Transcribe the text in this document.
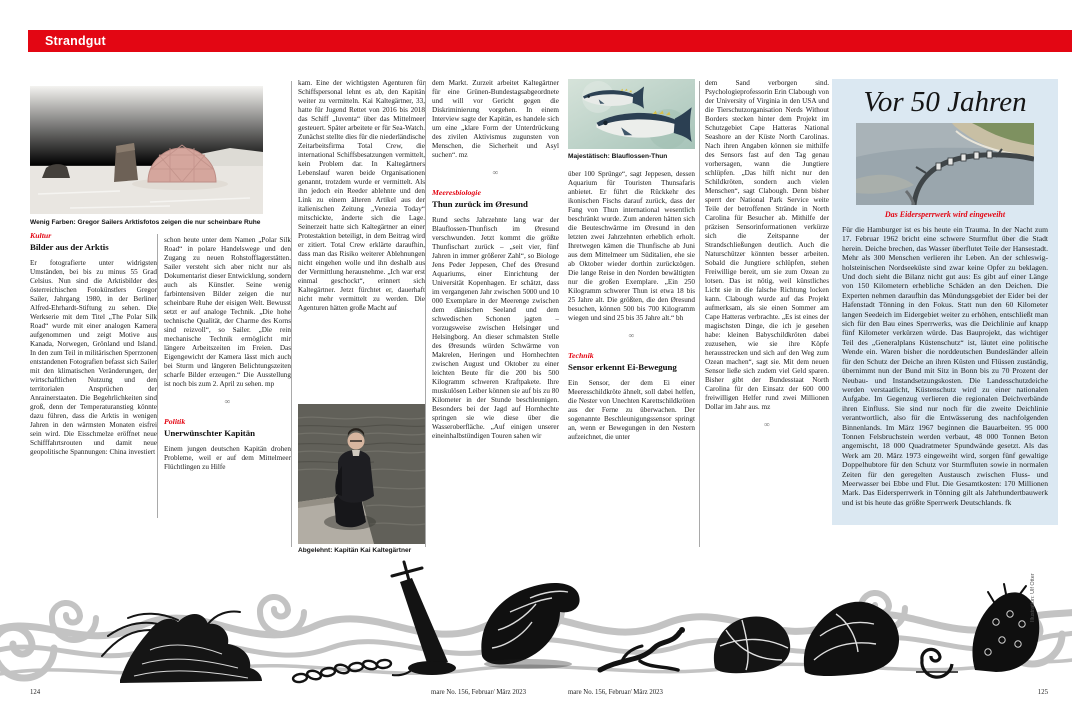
Strandgut
Wenig Farben: Gregor Sailers Arktisfotos zeigen die nur scheinbare Ruhe
Kultur
Bilder aus der Arktis

Er fotografierte unter widrigsten Umständen, bei bis zu minus 55 Grad Celsius. Nun sind die Arktisbilder des österreichischen Fotokünstlers Gregor Sailer, Jahrgang 1980, in der Berliner Alfred-Ehrhardt-Stiftung zu sehen. Die Werkserie mit dem Titel „The Polar Silk Road“ wurde mit einer analogen Kamera aufgenommen und zeigt Motive aus Kanada, Norwegen, Grönland und Island. In den zum Teil in militärischen Sperrzonen entstandenen Fotografien befasst sich Sailer mit den klimatischen Veränderungen, der wirtschaftlichen Nutzung und den territorialen Ansprüchen der Anrainerstaaten. Die Begehrlichkeiten sind groß, denn der Temperaturanstieg könnte dazu führen, dass die Arktis in wenigen Jahren in den wärmsten Monaten eisfrei sein wird. Die Eisschmelze eröffnet neue Schifffahrtsrouten und damit neue geopolitische Spannungen: China investiert

schon heute unter dem Namen „Polar Silk Road“ in polare Handelswege und den Zugang zu neuen Rohstofflagerstätten. Sailer versteht sich aber nicht nur als Dokumentarist dieser Entwicklung, sondern auch als Künstler. Seine wenig farbintensiven Bilder zeigen die nur scheinbare Ruhe der eisigen Welt. Bewusst setzt er auf analoge Technik. „Die hohe technische Qualität, der Charme des Korns sind reizvoll“, so Sailer. „Die rein mechanische Technik ermöglicht mir längere Arbeitszeiten im Freien. Das Eigengewicht der Kamera lässt mich auch bei Sturm und längeren Belichtungszeiten scharfe Bilder erzeugen.“ Die Ausstellung ist noch bis zum 2. April zu sehen. mp

∞
Politik
Unerwünschter Kapitän

Einem jungen deutschen Kapitän drohen Probleme, weil er auf dem Mittelmeer Flüchtlingen zu Hilfe

kam. Eine der wichtigsten Agenturen für Schiffspersonal lehnt es ab, den Kapitän weiter zu vermitteln. Kai Kaltegärtner, 33, hatte für Jugend Rettet von 2016 bis 2018 das Schiff „Iuventa“ über das Mittelmeer gesteuert. Später arbeitete er für Sea-Watch. Zunächst stellte dies für die niederländische Zeitarbeitsfirma Total Crew, die international Schiffsbesatzungen vermittelt, kein Problem dar. In Kaltegärtners Lebenslauf waren beide Organisationen genannt, trotzdem wurde er vermittelt. Als ihn jedoch ein Reeder ablehnte und den Link zu einem älteren Artikel aus der italienischen Zeitung „Venezia Today“ mitschickte, änderte sich die Lage. Seinerzeit hatte sich Kaltegärtner an einer Protestaktion beteiligt, in dem Beitrag wird er zitiert. Total Crew erklärte daraufhin, dass man das Risiko weiterer Ablehnungen nicht eingehen wolle und ihn deshalb aus der Vermittlung herausnehme. „Ich war erst einmal geschockt“, erinnert sich Kaltegärtner. Jetzt fürchtet er, dauerhaft nicht mehr vermittelt zu werden. Die Agenturen hätten große Macht auf

Abgelehnt: Kapitän Kai Kaltegärtner

dem Markt. Zurzeit arbeitet Kaltegärtner für eine Grünen-Bundestagsabgeordnete und will vor Gericht gegen die Diskriminierung vorgehen. In einem Interview sagte der Kapitän, es handele sich um eine „klare Form der Unterdrückung des zivilen Aktivismus zugunsten von Menschen, die Sicherheit und Asyl suchen“. mz

∞
Meeresbiologie
Thun zurück im Øresund

Rund sechs Jahrzehnte lang war der Blauflossen-Thunfisch im Øresund verschwunden. Jetzt kommt die größte Thunfischart zurück – „seit vier, fünf Jahren in immer größerer Zahl“, so Biologe Jens Peder Jeppesen, Chef des Øresund Aquariums, einer Einrichtung der Universität Kopenhagen. Er schätzt, dass im vergangenen Jahr zwischen 5000 und 10 000 Exemplare in der Meerenge zwischen dem dänischen Seeland und dem schwedischen Schonen jagten – vorzugsweise zwischen Helsingør und Helsingborg. An dieser schmalsten Stelle des Øresunds würden Schwärme von Makrelen, Heringen und Hornhechten zwischen August und Oktober zu einer leichten Beute für die 200 bis 500 Kilogramm schweren Kraftpakete. Ihre muskulösen Leiber können sie auf bis zu 80 Kilometer in der Stunde beschleunigen. Besonders bei der Jagd auf Hornhechte springen sie wie diese über die Wasseroberfläche. „Auf einigen unserer eineinhalbstündigen Touren sahen wir

Majestätisch: Blauflossen-Thun

über 100 Sprünge“, sagt Jeppesen, dessen Aquarium für Touristen Thunsafaris anbietet. Er führt die Rückkehr des ikonischen Fischs darauf zurück, dass der Fang von Thun international wesentlich beschränkt wurde. Zum anderen hätten sich die Beuteschwärme im Øresund in den letzten zwei Jahrzehnten erheblich erholt. Ihretwegen kämen die Thunfische ab Juni aus dem Mittelmeer um Süditalien, ehe sie ab Oktober wieder dorthin zurückzögen. Die lange Reise in den Norden bewältigten nur die großen Exemplare. „Ein 250 Kilogramm schwerer Thun ist etwa 18 bis 25 Jahre alt. Die größten, die den Øresund besuchen, können 500 bis 700 Kilogramm wiegen und sind 25 bis 35 Jahre alt.“ bh

∞
Technik
Sensor erkennt Ei-Bewegung

Ein Sensor, der dem Ei einer Meeresschildkröte ähnelt, soll dabei helfen, die Nester von Unechten Karettschildkröten aus der Ferne zu überwachen. Der sogenannte Beschleunigungssensor springt an, wenn er Bewegungen in den Nestern aufzeichnet, die unter

dem Sand verborgen sind. Psychologieprofessorin Erin Clabough von der University of Virginia in den USA und die Tierschutzorganisation Nerds Without Borders stecken hinter dem Projekt im Schutzgebiet Cape Hatteras National Seashore an der Küste North Carolinas. Nach ihren Angaben können sie mithilfe des Sensors fast auf den Tag genau vorhersagen, wann die Jungtiere schlüpfen. „Das hilft nicht nur den Schildkröten, sondern auch vielen Menschen“, sagt Clabough. Denn bisher sperrt der National Park Service weite Teile der betroffenen Strände in North Carolina für Besucher ab. Mithilfe der präzisen Sensorinformationen verkürze sich die Zeitspanne der Strandschließungen deutlich. Auch die Naturschützer könnten besser arbeiten. Sobald die Jungtiere schlüpfen, stehen Freiwillige bereit, um sie zum Ozean zu lotsen. Das ist nötig, weil künstliches Licht sie in die falsche Richtung locken kann. Clabough wurde auf das Projekt aufmerksam, als sie einen Sommer am Cape Hatteras verbrachte. „Es ist eines der magischsten Dinge, die ich je gesehen habe: kleinen Babyschildkröten dabei zuzusehen, wie sie ihre Köpfe herausstrecken und sich auf den Weg zum Ozean machen“, sagt sie. Mit dem neuen Sensor ließe sich zudem viel Geld sparen. Bisher gibt der Bundesstaat North Carolina für den Einsatz der 600 000 freiwilligen Helfer rund zwei Millionen Dollar im Jahr aus. mz

∞
Vor 50 Jahren
Das Eidersperrwerk wird eingeweiht

Für die Hamburger ist es bis heute ein Trauma. In der Nacht zum 17. Februar 1962 bricht eine schwere Sturmflut über die Stadt herein. Deiche brechen, das Wasser überflutet Teile der Hansestadt. Mehr als 300 Menschen verlieren ihr Leben. An der schleswig-holsteinischen Nordseeküste sind zwar keine Opfer zu beklagen. Und doch sieht die Bilanz nicht gut aus: Es gibt auf einer Länge von 150 Kilometern erhebliche Schäden an den Deichen. Die Experten nehmen daraufhin das Mündungsgebiet der Eider bei der Hafenstadt Tönning in den Fokus. Statt nun den 60 Kilometer langen Seedeich im Eidergebiet weiter zu erhöhen, entschließt man sich für den Bau eines Sperrwerks, was die Deichlinie auf knapp fünf Kilometer verkürzen würde. Das Bauprojekt, das wichtiger Teil des „Generalplans Küstenschutz“ ist, läutet eine politische Wende ein. Waren bisher die norddeutschen Bundesländer allein für den Schutz der Deiche an ihren Küsten und Flüssen zuständig, übernimmt nun der Bund mit Sitz in Bonn bis zu 70 Prozent der Neubau- und Instandsetzungskosten. Die Landesschutzdeiche werden verstaatlicht, Küstenschutz wird zu einer nationalen Aufgabe. Im Gegenzug verlieren die regionalen Deichverbände ihren Einfluss. Sie sind nur noch für die zweite Deichlinie verantwortlich, also für die Entwässerung des nachfolgenden Binnenlands. Im März 1967 beginnen die Bauarbeiten. 95 000 Tonnen Felsbruchstein werden verbaut, 48 000 Tonnen Beton angemischt, 18 000 Quadratmeter Spundwände gesetzt. Als das Werk am 20. März 1973 eingeweiht wird, sorgen fünf gewaltige Doppelhubtore für den Schutz vor Sturmfluten sowie in normalen Zeiten für den geregelten Austausch zwischen Fluss- und Meerwasser bei Ebbe und Flut. Die Gesamtkosten: 170 Millionen Mark. Das Eidersperrwerk in Tönning gilt als Jahrhundertbauwerk und ist bis heute das größte Sperrwerk Deutschlands. fk

124	mare No. 156, Februar/ März 2023	mare No. 156, Februar/ März 2023	125
Illustration: Ulf Otter
